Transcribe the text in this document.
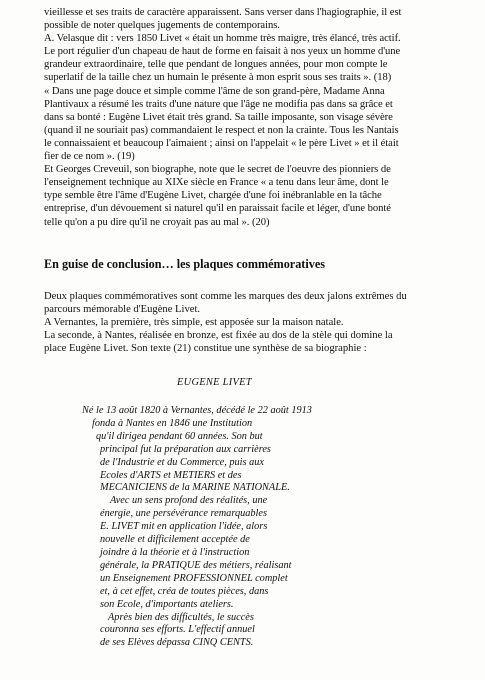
vieillesse et ses traits de caractère apparaissent. Sans verser dans l'hagiographie, il est
possible de noter quelques jugements de contemporains.

A. Velasque dit : vers 1850 Livet « était un homme très maigre, très élancé, très actif.
Le port régulier d'un chapeau de haut de forme en faisait à nos yeux un homme d'une
grandeur extraordinaire, telle que pendant de longues années, pour mon compte le
superlatif de la taille chez un humain le présente à mon esprit sous ses traits ». (18)

« Dans une page douce et simple comme l'âme de son grand-père, Madame Anna
Plantivaux a résumé les traits d'une nature que l'âge ne modifia pas dans sa grâce et
dans sa bonté : Eugène Livet était très grand. Sa taille imposante, son visage sévère
(quand il ne souriait pas) commandaient le respect et non la crainte. Tous les Nantais
le connaissaient et beaucoup l'aimaient ; ainsi on l'appelait « le père Livet » et il était
fier de ce nom ». (19)

Et Georges Creveuil, son biographe, note que le secret de l'oeuvre des pionniers de
l'enseignement technique au XIXe siècle en France « a tenu dans leur âme, dont le
type semble être l'âme d'Eugène Livet, chargée d'une foi inébranlable en la tâche
entreprise, d'un dévouement si naturel qu'il en paraissait facile et léger, d'une bonté
telle qu'on a pu dire qu'il ne croyait pas au mal ». (20)

En guise de conclusion… les plaques commémoratives
Deux plaques commémoratives sont comme les marques des deux jalons extrêmes du
parcours mémorable d'Eugène Livet.
A Vernantes, la première, très simple, est apposée sur la maison natale.
La seconde, à Nantes, réalisée en bronze, est fixée au dos de la stèle qui domine la
place Eugène Livet. Son texte (21) constitue une synthèse de sa biographie :
EUGENE LIVET
Né le 13 août 1820 à Vernantes, décédé le 22 août 1913
fonda à Nantes en 1846 une Institution
qu'il dirigea pendant 60 années. Son but
principal fut la préparation aux carrières
de l'Industrie et du Commerce, puis aux
Ecoles d'ARTS et METIERS et des
MECANICIENS de la MARINE NATIONALE.
Avec un sens profond des réalités, une
énergie, une persévérance remarquables
E. LIVET mit en application l'idée, alors
nouvelle et difficilement acceptée de
joindre à la théorie et à l'instruction
générale, la PRATIQUE des métiers, réalisant
un Enseignement PROFESSIONNEL complet
et, à cet effet, créa de toutes pièces, dans
son Ecole, d'importants ateliers.
Après bien des difficultés, le succès
couronna ses efforts. L'effectif annuel
de ses Elèves dépassa CINQ CENTS.
